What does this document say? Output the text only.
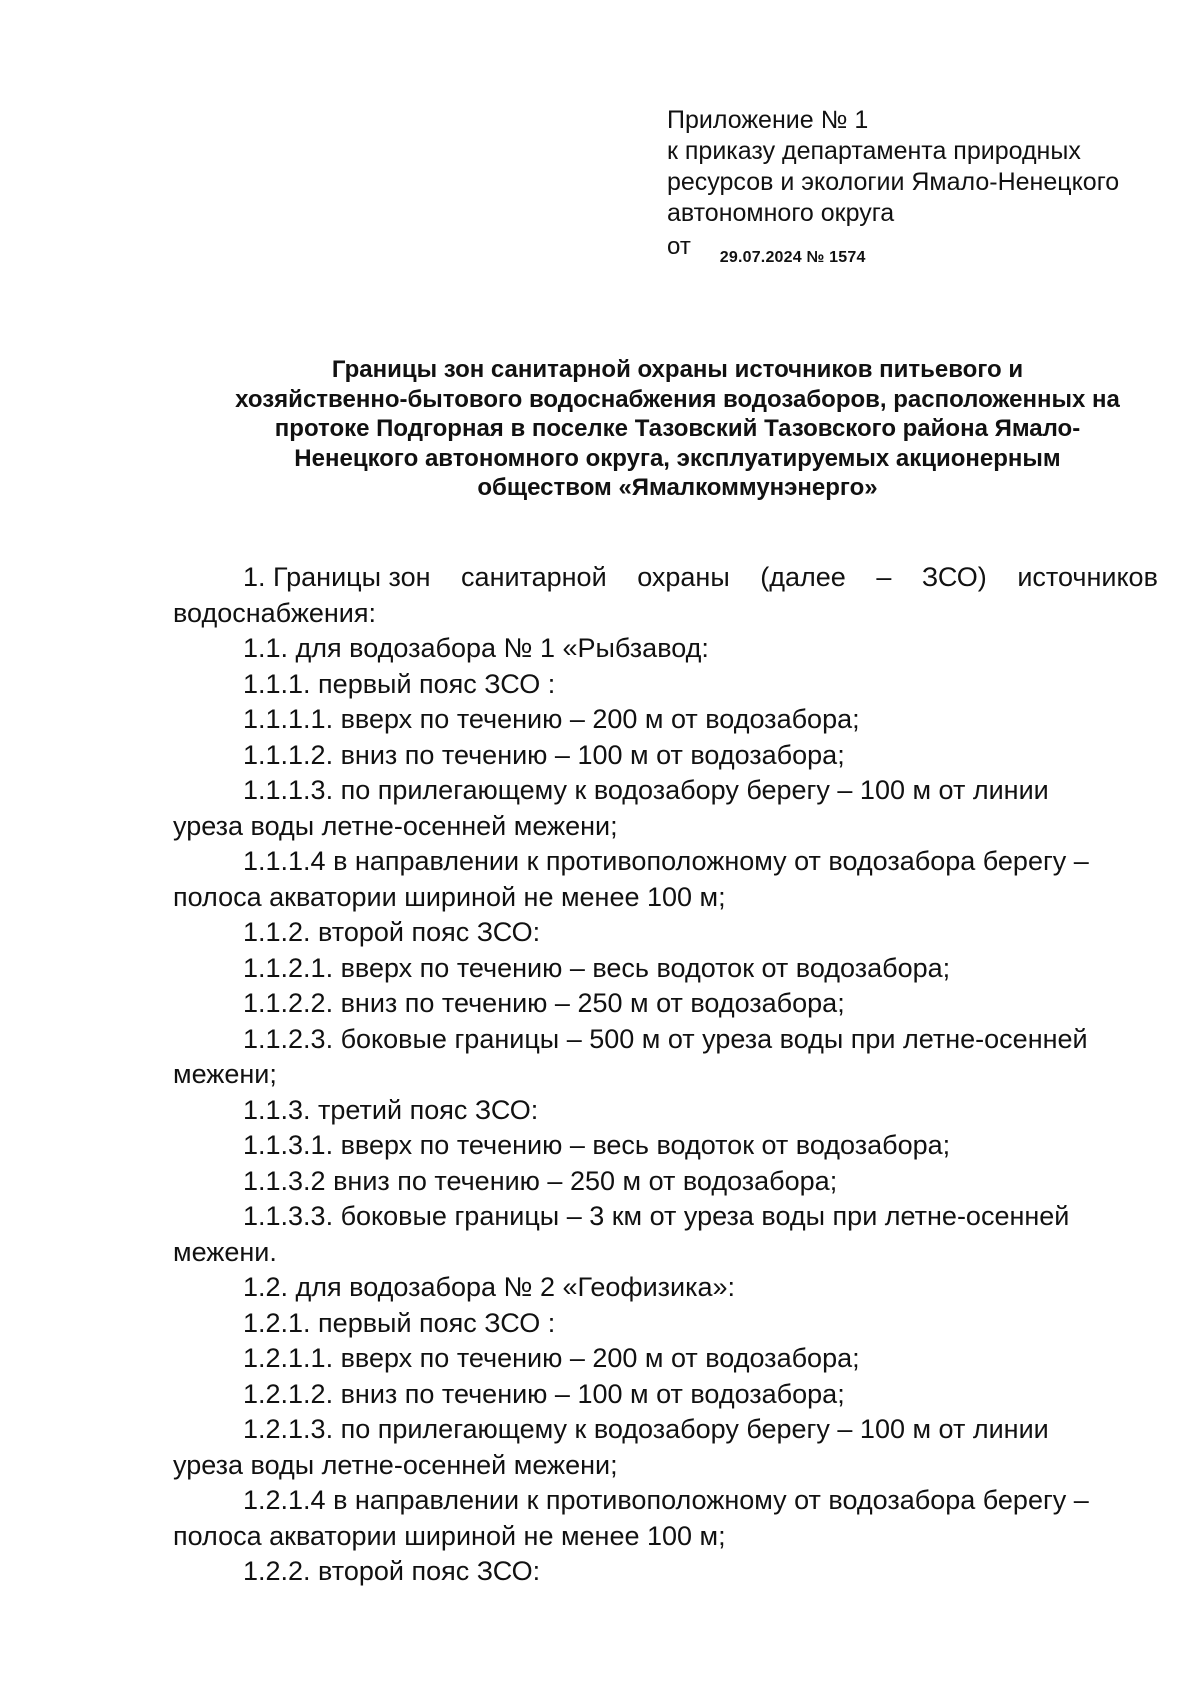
Приложение № 1
к приказу департамента природных
ресурсов и экологии Ямало-Ненецкого
автономного округа
от $_{29.07.2024 № 1574}$
Границы зон санитарной охраны источников питьевого и
хозяйственно-бытового водоснабжения водозаборов, расположенных на
протоке Подгорная в поселке Тазовский Тазовского района Ямало-
Ненецкого автономного округа, эксплуатируемых акционерным
обществом «Ямалкоммунэнерго»
1. Границы зон санитарной охраны (далее – ЗСО) источников
водоснабжения:
1.1. для водозабора № 1 «Рыбзавод:
1.1.1. первый пояс ЗСО :
1.1.1.1. вверх по течению – 200 м от водозабора;
1.1.1.2. вниз по течению – 100 м от водозабора;
1.1.1.3. по прилегающему к водозабору берегу – 100 м от линии
уреза воды летне-осенней межени;
1.1.1.4 в направлении к противоположному от водозабора берегу –
полоса акватории шириной не менее 100 м;
1.1.2. второй пояс ЗСО:
1.1.2.1. вверх по течению – весь водоток от водозабора;
1.1.2.2. вниз по течению – 250 м от водозабора;
1.1.2.3. боковые границы – 500 м от уреза воды при летне-осенней
межени;
1.1.3. третий пояс ЗСО:
1.1.3.1. вверх по течению – весь водоток от водозабора;
1.1.3.2 вниз по течению – 250 м от водозабора;
1.1.3.3. боковые границы – 3 км от уреза воды при летне-осенней
межени.
1.2. для водозабора № 2 «Геофизика»:
1.2.1. первый пояс ЗСО :
1.2.1.1. вверх по течению – 200 м от водозабора;
1.2.1.2. вниз по течению – 100 м от водозабора;
1.2.1.3. по прилегающему к водозабору берегу – 100 м от линии
уреза воды летне-осенней межени;
1.2.1.4 в направлении к противоположному от водозабора берегу –
полоса акватории шириной не менее 100 м;
1.2.2. второй пояс ЗСО:
